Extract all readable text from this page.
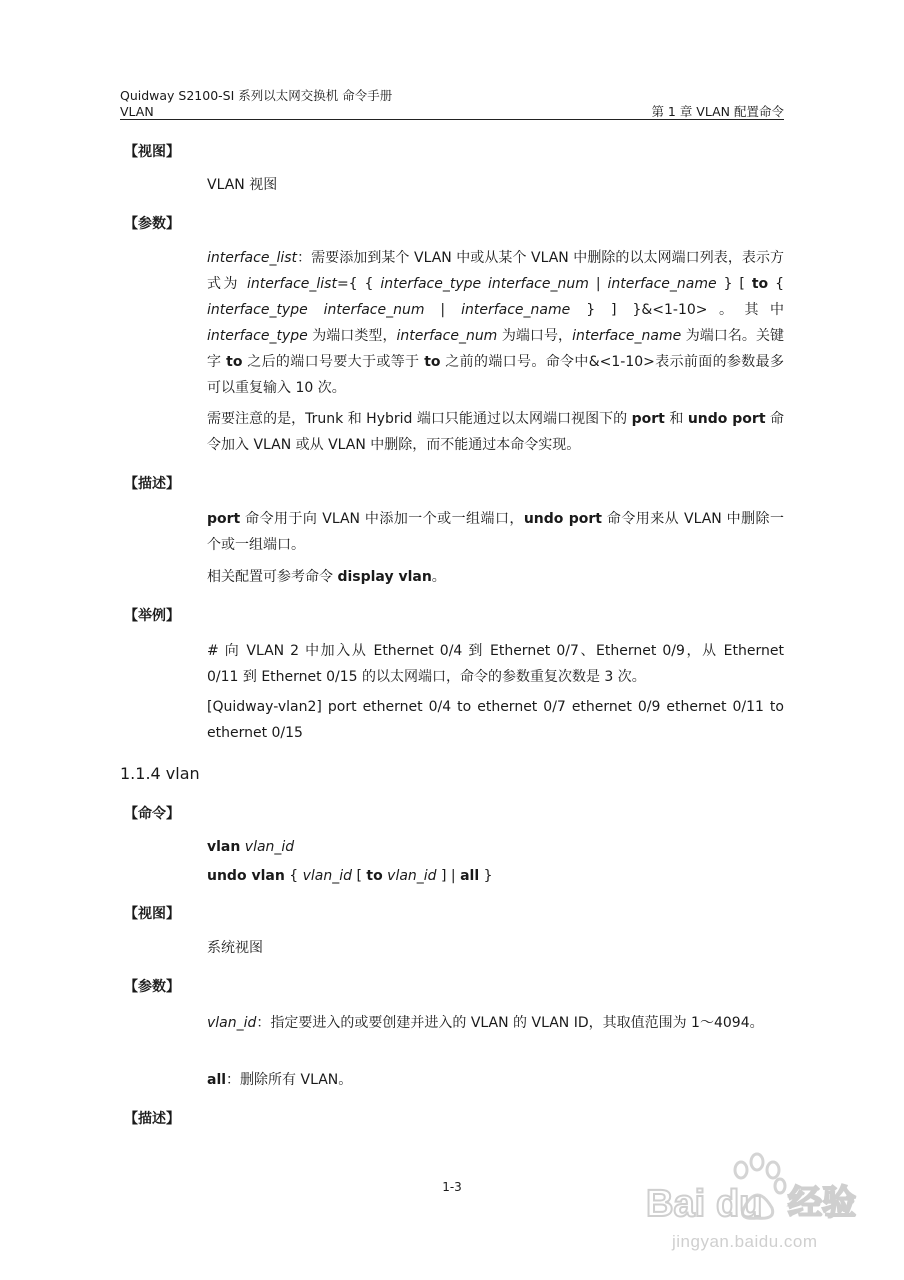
Quidway S2100-SI 系列以太网交换机 命令手册
VLAN	第 1 章 VLAN 配置命令
【视图】
VLAN 视图
【参数】
interface_list：需要添加到某个 VLAN 中或从某个 VLAN 中删除的以太网端口列表，表示方式为 interface_list={ { interface_type interface_num | interface_name } [ to { interface_type interface_num | interface_name } ] }&<1-10>。其中 interface_type 为端口类型，interface_num 为端口号，interface_name 为端口名。关键字 to 之后的端口号要大于或等于 to 之前的端口号。命令中&<1-10>表示前面的参数最多可以重复输入 10 次。
需要注意的是，Trunk 和 Hybrid 端口只能通过以太网端口视图下的 port 和 undo port 命令加入 VLAN 或从 VLAN 中删除，而不能通过本命令实现。
【描述】
port 命令用于向 VLAN 中添加一个或一组端口，undo port 命令用来从 VLAN 中删除一个或一组端口。
相关配置可参考命令 display vlan。
【举例】
# 向 VLAN 2 中加入从 Ethernet 0/4 到 Ethernet 0/7、Ethernet 0/9，从 Ethernet 0/11 到 Ethernet 0/15 的以太网端口，命令的参数重复次数是 3 次。
[Quidway-vlan2] port ethernet 0/4 to ethernet 0/7 ethernet 0/9 ethernet 0/11 to ethernet 0/15
1.1.4 vlan
【命令】
vlan vlan_id
undo vlan { vlan_id [ to vlan_id ] | all }
【视图】
系统视图
【参数】
vlan_id：指定要进入的或要创建并进入的 VLAN 的 VLAN ID，其取值范围为 1～4094。
all：删除所有 VLAN。
【描述】
1-3	Bai du 经验
jingyan.baidu.com
